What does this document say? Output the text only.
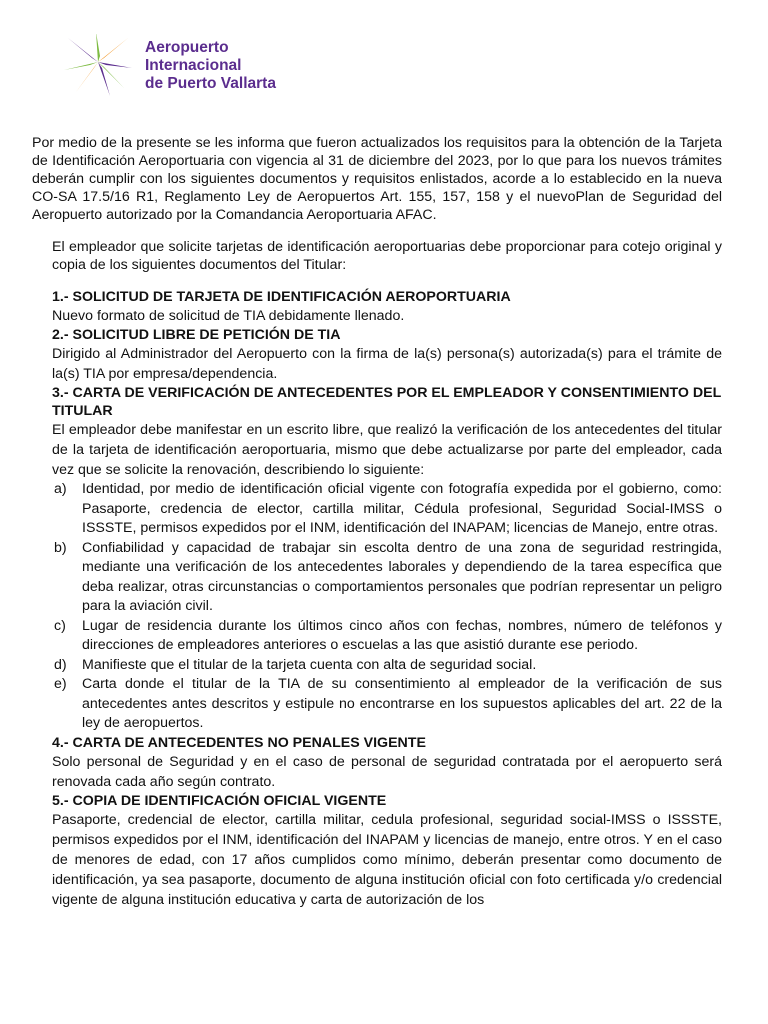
Aeropuerto
Internacional
de Puerto Vallarta

Por medio de la presente se les informa que fueron actualizados los requisitos para la obtención de la Tarjeta de Identificación Aeroportuaria con vigencia al 31 de diciembre del 2023, por lo que para los nuevos trámites deberán cumplir con los siguientes documentos y requisitos enlistados, acorde a lo establecido en la nueva CO-SA 17.5/16 R1, Reglamento Ley de Aeropuertos Art. 155, 157, 158 y el nuevoPlan de Seguridad del Aeropuerto autorizado por la Comandancia Aeroportuaria AFAC.

El empleador que solicite tarjetas de identificación aeroportuarias debe proporcionar para cotejo original y copia de los siguientes documentos del Titular:

1.- SOLICITUD DE TARJETA DE IDENTIFICACIÓN AEROPORTUARIA

Nuevo formato de solicitud de TIA debidamente llenado.

2.- SOLICITUD LIBRE DE PETICIÓN DE TIA

Dirigido al Administrador del Aeropuerto con la firma de la(s) persona(s) autorizada(s) para el trámite de la(s) TIA por empresa/dependencia.

3.- CARTA DE VERIFICACIÓN DE ANTECEDENTES POR EL EMPLEADOR Y CONSENTIMIENTO DEL TITULAR

El empleador debe manifestar en un escrito libre, que realizó la verificación de los antecedentes del titular de la tarjeta de identificación aeroportuaria, mismo que debe actualizarse por parte del empleador, cada vez que se solicite la renovación, describiendo lo siguiente:

a) Identidad, por medio de identificación oficial vigente con fotografía expedida por el gobierno, como: Pasaporte, credencia de elector, cartilla militar, Cédula profesional, Seguridad Social-IMSS o ISSSTE, permisos expedidos por el INM, identificación del INAPAM; licencias de Manejo, entre otras.
b) Confiabilidad y capacidad de trabajar sin escolta dentro de una zona de seguridad restringida, mediante una verificación de los antecedentes laborales y dependiendo de la tarea específica que deba realizar, otras circunstancias o comportamientos personales que podrían representar un peligro para la aviación civil.
c) Lugar de residencia durante los últimos cinco años con fechas, nombres, número de teléfonos y direcciones de empleadores anteriores o escuelas a las que asistió durante ese periodo.
d) Manifieste que el titular de la tarjeta cuenta con alta de seguridad social.
e) Carta donde el titular de la TIA de su consentimiento al empleador de la verificación de sus antecedentes antes descritos y estipule no encontrarse en los supuestos aplicables del art. 22 de la ley de aeropuertos.

4.- CARTA DE ANTECEDENTES NO PENALES VIGENTE

Solo personal de Seguridad y en el caso de personal de seguridad contratada por el aeropuerto será renovada cada año según contrato.

5.- COPIA DE IDENTIFICACIÓN OFICIAL VIGENTE

Pasaporte, credencial de elector, cartilla militar, cedula profesional, seguridad social-IMSS o ISSSTE, permisos expedidos por el INM, identificación del INAPAM y licencias de manejo, entre otros. Y en el caso de menores de edad, con 17 años cumplidos como mínimo, deberán presentar como documento de identificación, ya sea pasaporte, documento de alguna institución oficial con foto certificada y/o credencial vigente de alguna institución educativa y carta de autorización de los
